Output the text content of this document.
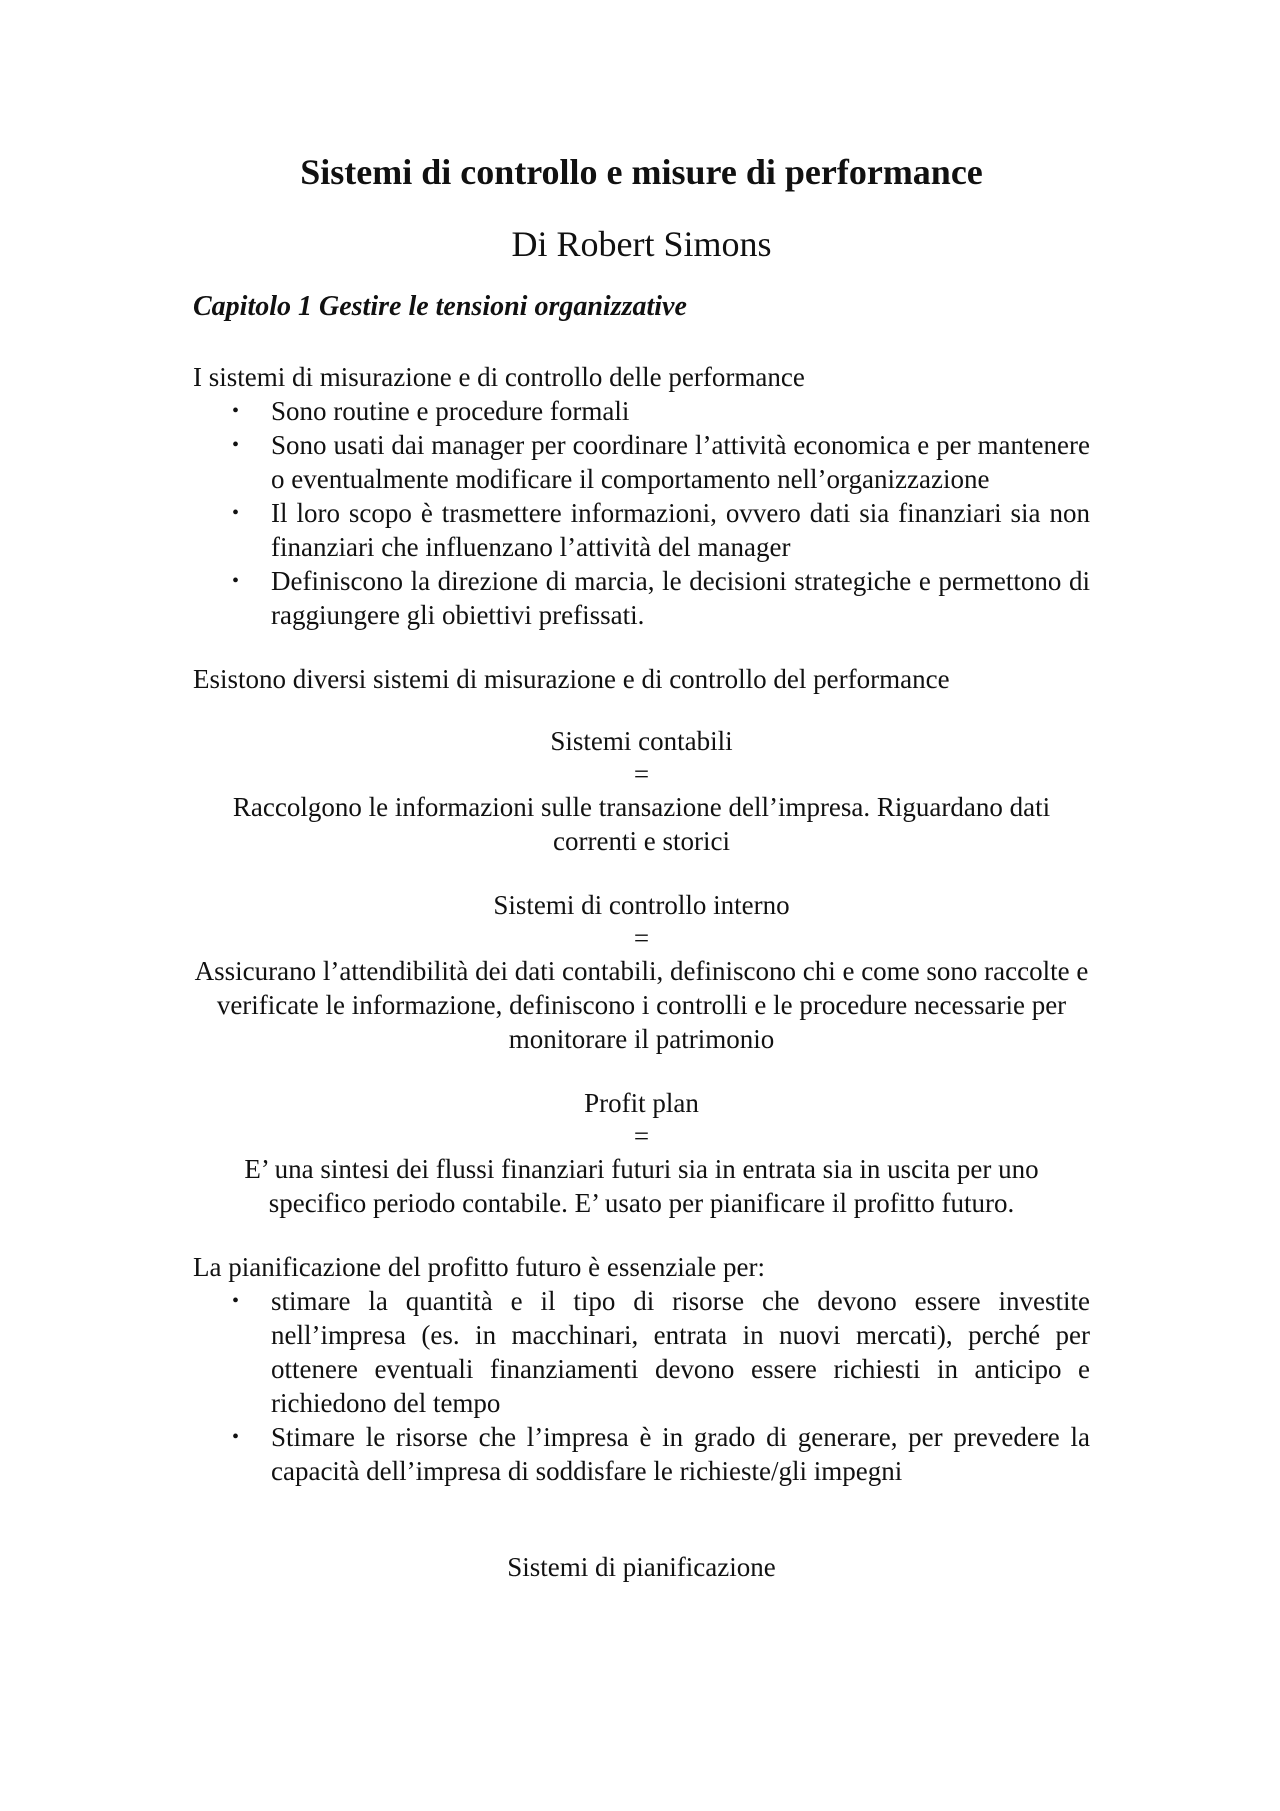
Sistemi di controllo e misure di performance
Di Robert Simons
Capitolo 1 Gestire le tensioni organizzative

I sistemi di misurazione e di controllo delle performance

• Sono routine e procedure formali
• Sono usati dai manager per coordinare l’attività economica e per mantenere o eventualmente modificare il comportamento nell’organizzazione
• Il loro scopo è trasmettere informazioni, ovvero dati sia finanziari sia non finanziari che influenzano l’attività del manager
• Definiscono la direzione di marcia, le decisioni strategiche e permettono di raggiungere gli obiettivi prefissati.

Esistono diversi sistemi di misurazione e di controllo del performance

Sistemi contabili
=
Raccolgono le informazioni sulle transazione dell’impresa. Riguardano dati correnti e storici
Sistemi di controllo interno
=
Assicurano l’attendibilità dei dati contabili, definiscono chi e come sono raccolte e verificate le informazione, definiscono i controlli e le procedure necessarie per monitorare il patrimonio
Profit plan
=
E’ una sintesi dei flussi finanziari futuri sia in entrata sia in uscita per uno specifico periodo contabile. E’ usato per pianificare il profitto futuro.

La pianificazione del profitto futuro è essenziale per:

• stimare la quantità e il tipo di risorse che devono essere investite nell’impresa (es. in macchinari, entrata in nuovi mercati), perché per ottenere eventuali finanziamenti devono essere richiesti in anticipo e richiedono del tempo
• Stimare le risorse che l’impresa è in grado di generare, per prevedere la capacità dell’impresa di soddisfare le richieste/gli impegni
Sistemi di pianificazione
